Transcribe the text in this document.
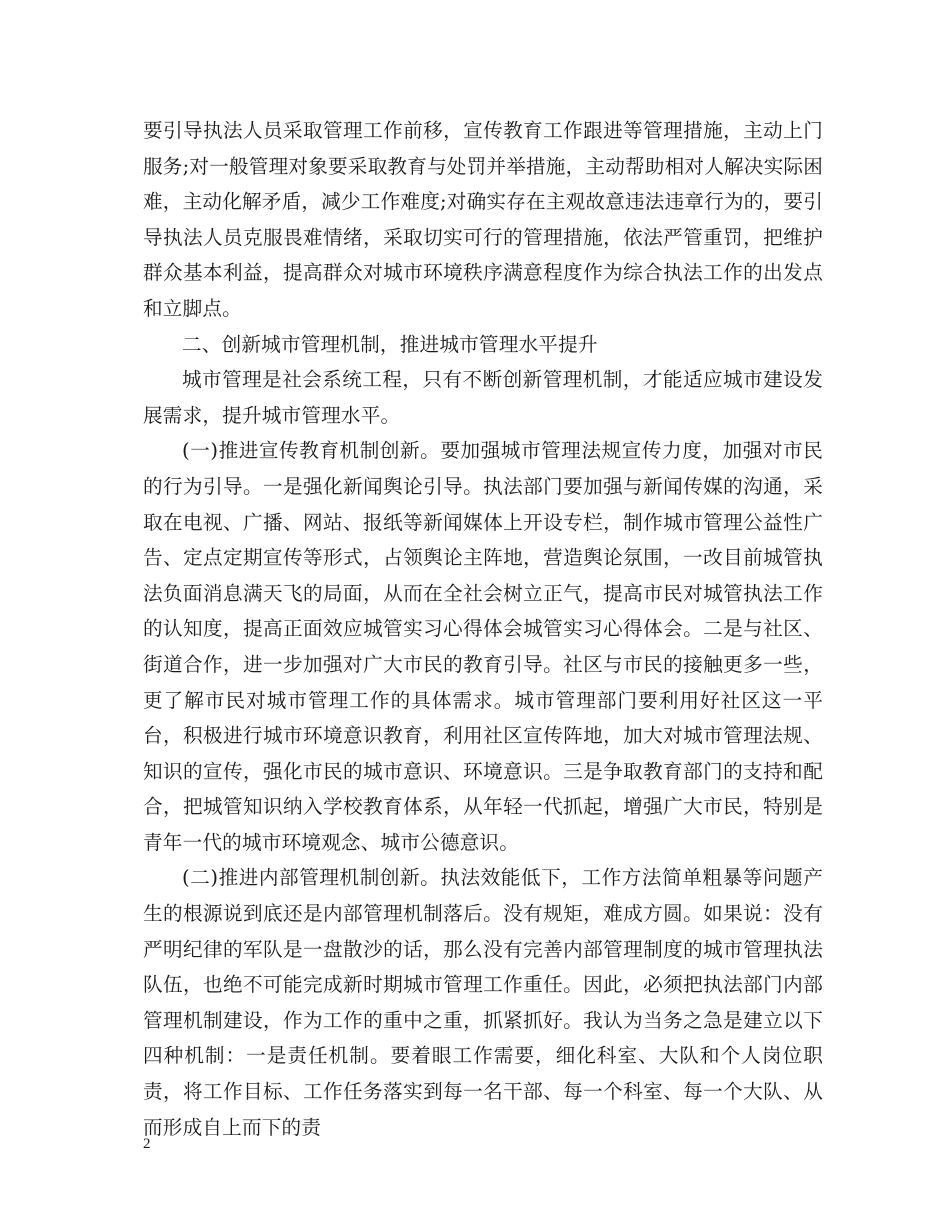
要引导执法人员采取管理工作前移，宣传教育工作跟进等管理措施，主动上门服务;对一般管理对象要采取教育与处罚并举措施，主动帮助相对人解决实际困难，主动化解矛盾，减少工作难度;对确实存在主观故意违法违章行为的，要引导执法人员克服畏难情绪，采取切实可行的管理措施，依法严管重罚，把维护群众基本利益，提高群众对城市环境秩序满意程度作为综合执法工作的出发点和立脚点。

二、创新城市管理机制，推进城市管理水平提升

城市管理是社会系统工程，只有不断创新管理机制，才能适应城市建设发展需求，提升城市管理水平。

(一)推进宣传教育机制创新。要加强城市管理法规宣传力度，加强对市民的行为引导。一是强化新闻舆论引导。执法部门要加强与新闻传媒的沟通，采取在电视、广播、网站、报纸等新闻媒体上开设专栏，制作城市管理公益性广告、定点定期宣传等形式，占领舆论主阵地，营造舆论氛围，一改目前城管执法负面消息满天飞的局面，从而在全社会树立正气，提高市民对城管执法工作的认知度，提高正面效应城管实习心得体会城管实习心得体会。二是与社区、街道合作，进一步加强对广大市民的教育引导。社区与市民的接触更多一些，更了解市民对城市管理工作的具体需求。城市管理部门要利用好社区这一平台，积极进行城市环境意识教育，利用社区宣传阵地，加大对城市管理法规、知识的宣传，强化市民的城市意识、环境意识。三是争取教育部门的支持和配合，把城管知识纳入学校教育体系，从年轻一代抓起，增强广大市民，特别是青年一代的城市环境观念、城市公德意识。

(二)推进内部管理机制创新。执法效能低下，工作方法简单粗暴等问题产生的根源说到底还是内部管理机制落后。没有规矩，难成方圆。如果说：没有严明纪律的军队是一盘散沙的话，那么没有完善内部管理制度的城市管理执法队伍，也绝不可能完成新时期城市管理工作重任。因此，必须把执法部门内部管理机制建设，作为工作的重中之重，抓紧抓好。我认为当务之急是建立以下四种机制：一是责任机制。要着眼工作需要，细化科室、大队和个人岗位职责，将工作目标、工作任务落实到每一名干部、每一个科室、每一个大队、从而形成自上而下的责

2
